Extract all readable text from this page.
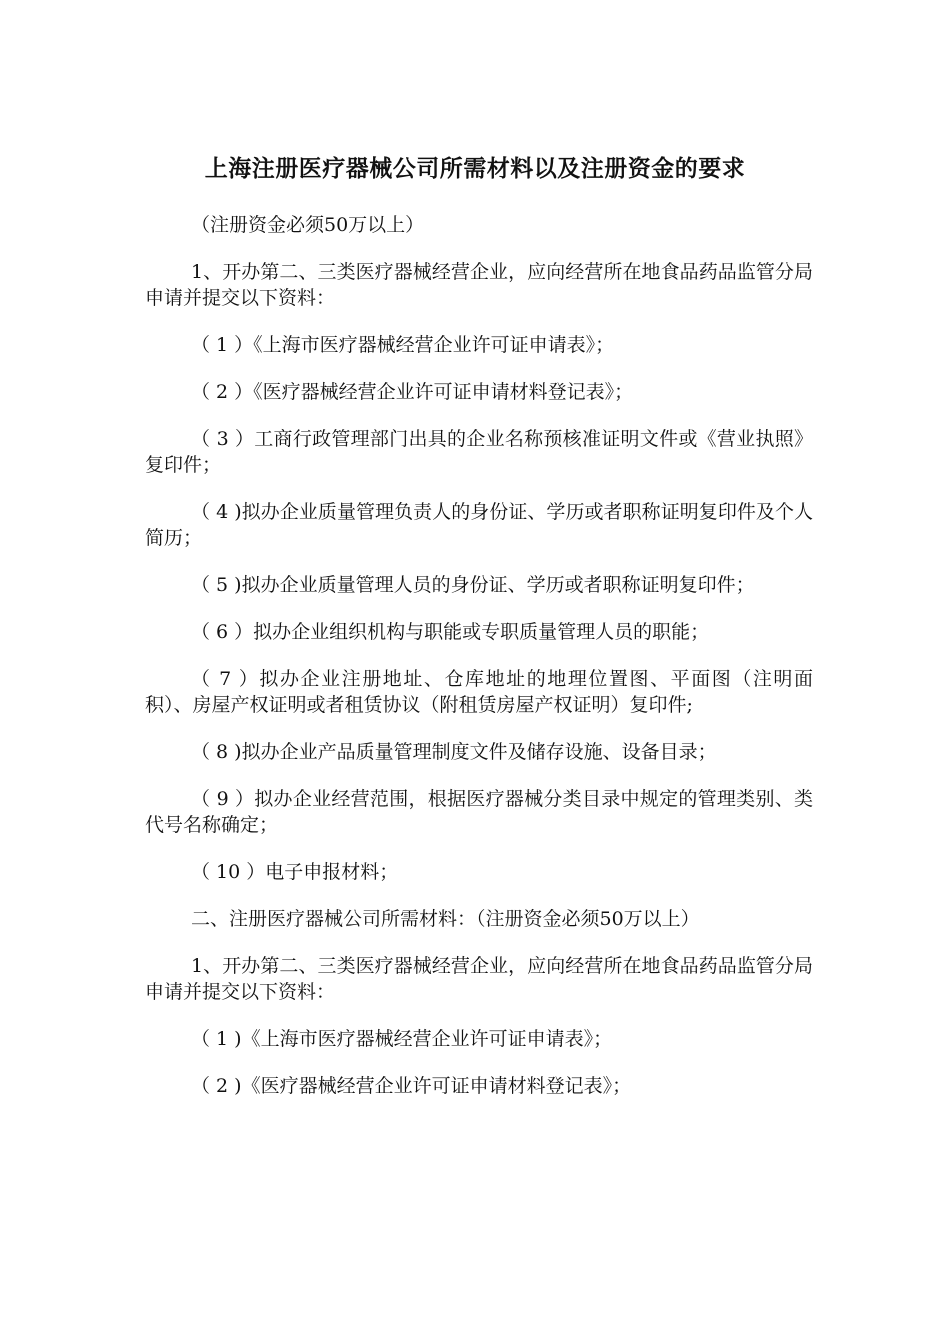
上海注册医疗器械公司所需材料以及注册资金的要求

（注册资金必须50万以上）

1、开办第二、三类医疗器械经营企业，应向经营所在地食品药品监管分局申请并提交以下资料：

（ 1 ）《上海市医疗器械经营企业许可证申请表》；

（ 2 ）《医疗器械经营企业许可证申请材料登记表》；

（ 3 ）工商行政管理部门出具的企业名称预核准证明文件或《营业执照》复印件；

（ 4 )拟办企业质量管理负责人的身份证、学历或者职称证明复印件及个人简历；

（ 5 )拟办企业质量管理人员的身份证、学历或者职称证明复印件；

（ 6 ）拟办企业组织机构与职能或专职质量管理人员的职能；

（ 7 ）拟办企业注册地址、仓库地址的地理位置图、平面图（注明面积）、房屋产权证明或者租赁协议（附租赁房屋产权证明）复印件;

（ 8 )拟办企业产品质量管理制度文件及储存设施、设备目录；

（ 9 ）拟办企业经营范围，根据医疗器械分类目录中规定的管理类别、类代号名称确定；

（ 10 ）电子申报材料；

二、注册医疗器械公司所需材料：（注册资金必须50万以上）

1、开办第二、三类医疗器械经营企业，应向经营所在地食品药品监管分局申请并提交以下资料：

（ 1 )《上海市医疗器械经营企业许可证申请表》；

（ 2 )《医疗器械经营企业许可证申请材料登记表》；
